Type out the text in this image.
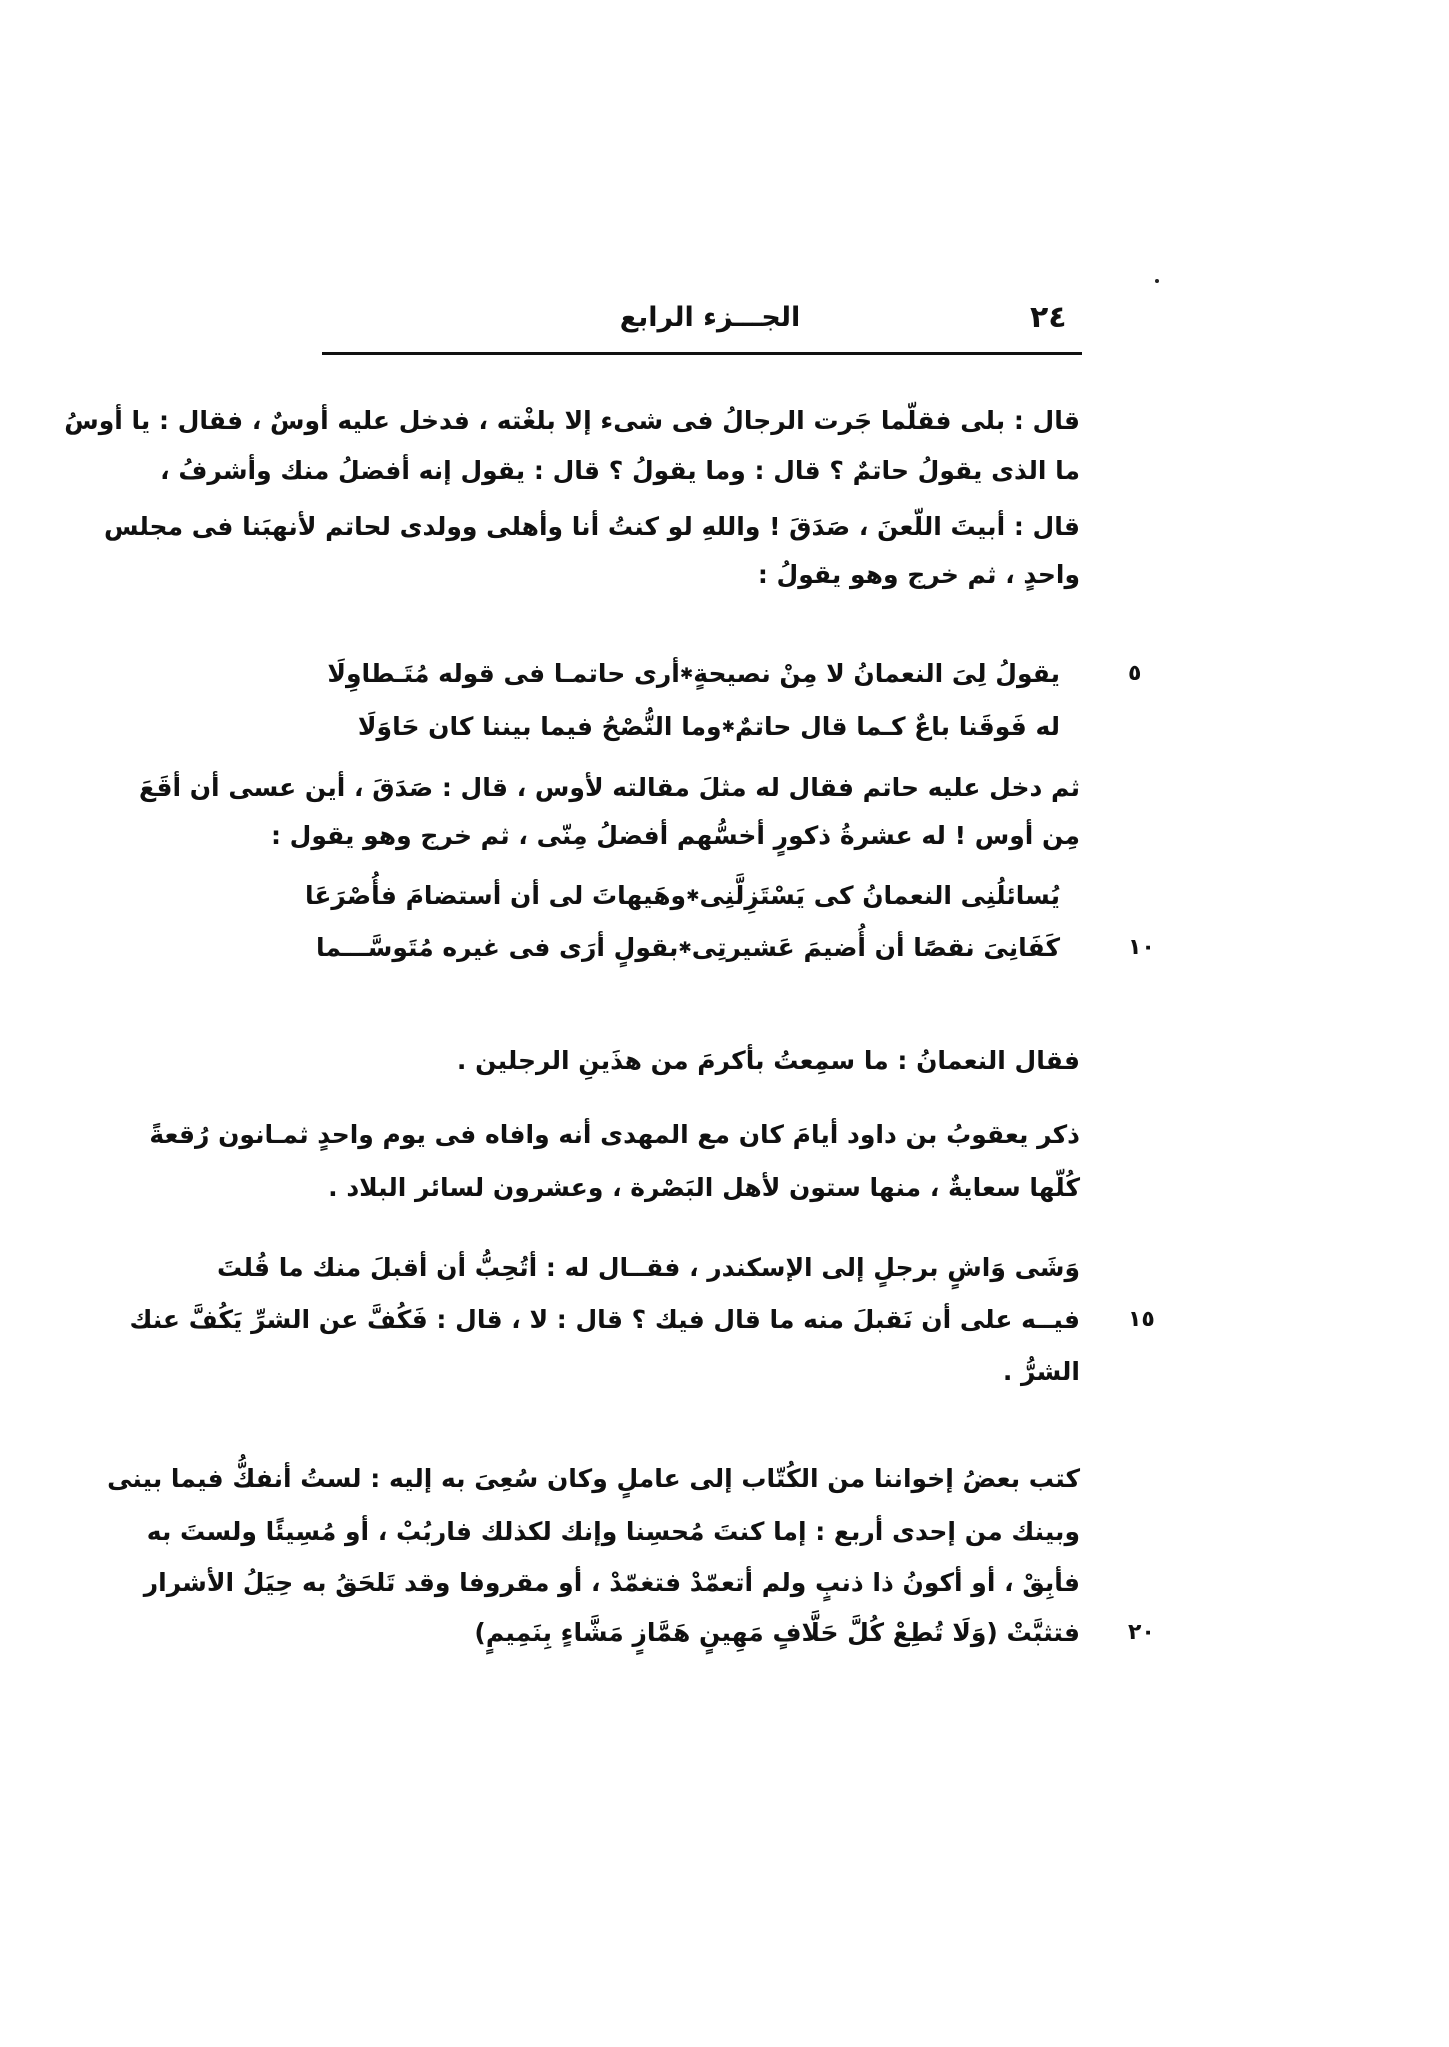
٢٤
الجـــزء الرابع
قال : بلى فقلّما جَرت الرجالُ فى شىء إلا بلغْته ، فدخل عليه أوسٌ ، فقال : يا أوسُ
ما الذى يقولُ حاتمٌ ؟ قال : وما يقولُ ؟ قال : يقول إنه أفضلُ منك وأشرفُ ،
قال : أبيتَ اللّعنَ ، صَدَقَ ! واللهِ لو كنتُ أنا وأهلى وولدى لحاتم لأنهبَنا فى مجلس
واحدٍ ، ثم خرج وهو يقولُ :
يقولُ لِىَ النعمانُ لا مِنْ نصيحةٍ
✱
أرى حاتمـا فى قوله مُتَـطاوِلَا	٥
له فَوقَنا باعٌ كـما قال حاتمٌ
✱
وما النُّصْحُ فيما بيننا كان حَاوَلَا
ثم دخل عليه حاتم فقال له مثلَ مقالته لأوس ، قال : صَدَقَ ، أين عسى أن أقَعَ
مِن أوس ! له عشرةُ ذكورٍ أخسُّهم أفضلُ مِنّى ، ثم خرج وهو يقول :
يُسائلُنِى النعمانُ كى يَسْتَزِلَّنِى
✱
وهَيهاتَ لى أن أستضامَ فأُصْرَعَا
كَفَانِىَ نقصًا أن أُضيمَ عَشيرتِى
✱
بقولٍ أرَى فى غيره مُتَوسَّـــما	١٠
فقال النعمانُ : ما سمِعتُ بأكرمَ من هذَينِ الرجلين .
ذكر يعقوبُ بن داود أيامَ كان مع المهدى أنه وافاه فى يوم واحدٍ ثمـانون رُقعةً
كُلّها سعايةٌ ، منها ستون لأهل البَصْرة ، وعشرون لسائر البلاد .
وَشَى وَاشٍ برجلٍ إلى الإسكندر ، فقــال له : أتُحِبُّ أن أقبلَ منك ما قُلتَ
فيــه على أن نَقبلَ منه ما قال فيك ؟ قال : لا ، قال : فَكُفَّ عن الشرِّ يَكُفَّ عنك ١٥
الشرُّ .
كتب بعضُ إخواننا من الكُتّاب إلى عاملٍ وكان سُعِىَ به إليه : لستُ أنفكُّ فيما بينى
وبينك من إحدى أربع : إما كنتَ مُحسِنا وإنك لكذلك فاربُبْ ، أو مُسِيئًا ولستَ به
فأبِقْ ، أو أكونُ ذا ذنبٍ ولم أتعمّدْ فتغمّدْ ، أو مقروفا وقد تَلحَقُ به حِيَلُ الأشرار
فتثبَّتْ (وَلَا تُطِعْ كُلَّ حَلَّافٍ مَهِينٍ هَمَّازٍ مَشَّاءٍ بِنَمِيمٍ) ٢٠
